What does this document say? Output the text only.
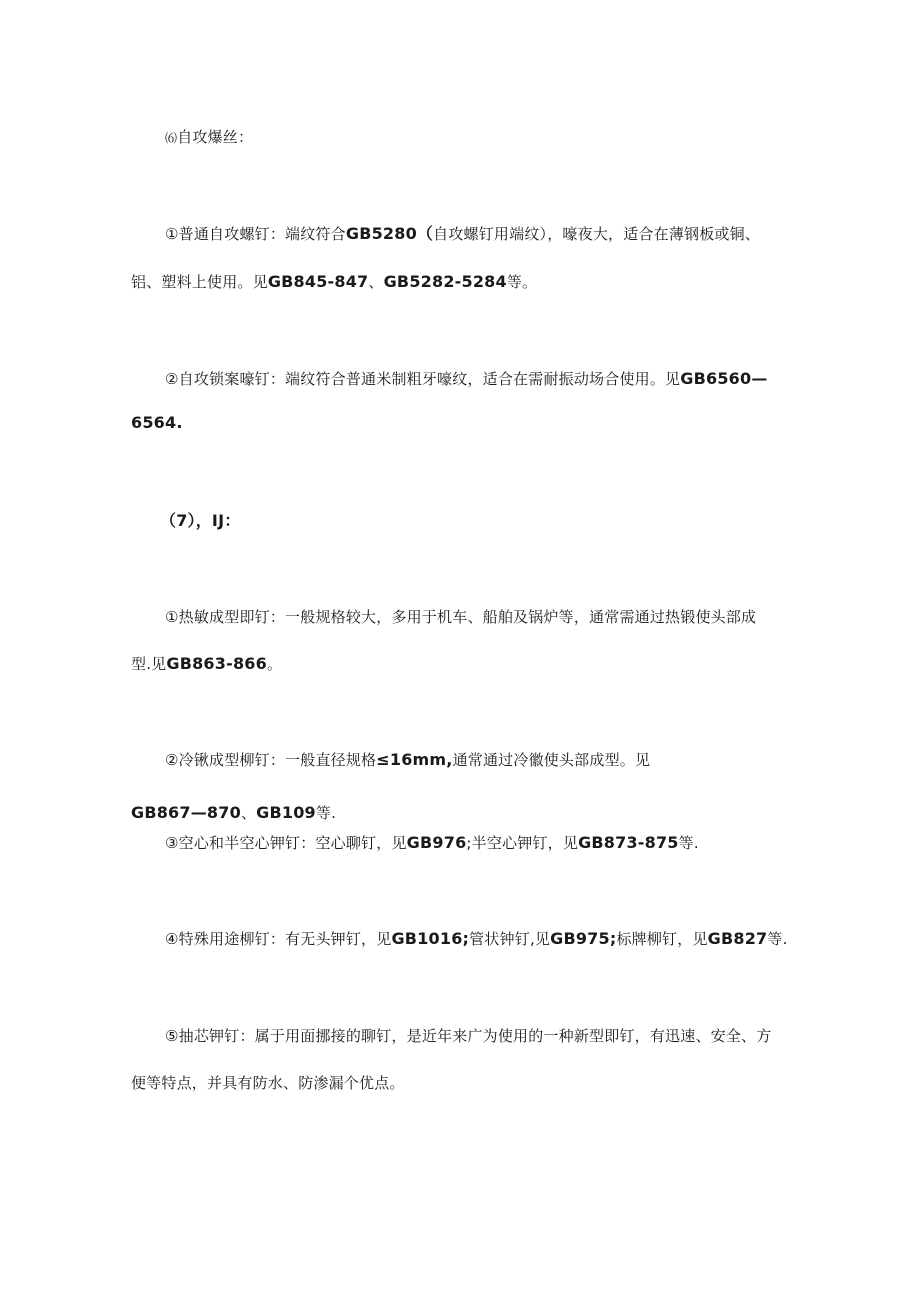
⑹自攻爆丝：
①普通自攻螺钉：端纹符合GB5280（自攻螺钉用端纹），嚎夜大，适合在薄钢板或铜、
铝、塑料上使用。见GB845-847、GB5282-5284等。
②自攻锁案嚎钉：端纹符合普通米制粗牙嚎纹，适合在需耐振动场合使用。见GB6560—
6564.
（7），IJ：
①热敏成型即钉：一般规格较大，多用于机车、船舶及锅炉等，通常需通过热锻使头部成
型.见GB863-866。
②冷锹成型柳钉：一般直径规格≤16mm,通常通过冷徽使头部成型。见
GB867—870、GB109等.
③空心和半空心钾钉：空心聊钉，见GB976;半空心钾钉，见GB873-875等.
④特殊用途柳钉：有无头钾钉，见GB1016;管状钟钉,见GB975;标牌柳钉，见GB827等.
⑤抽芯钾钉：属于用面挪接的聊钉，是近年来广为使用的一种新型即钉，有迅速、安全、方
便等特点，并具有防水、防渗漏个优点。
